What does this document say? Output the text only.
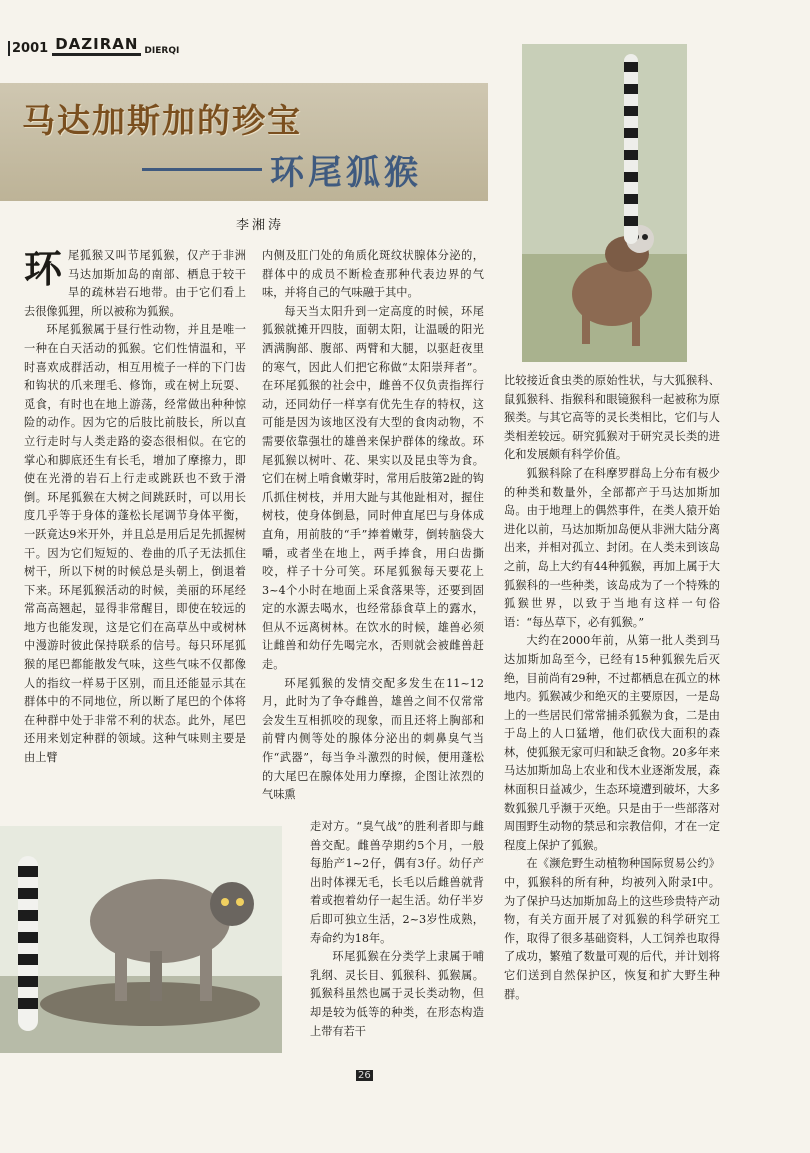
2001 DAZIRAN DIERQI
马达加斯加的珍宝
环尾狐猴
李湘涛

环尾狐猴又叫节尾狐猴，仅产于非洲马达加斯加岛的南部、栖息于较干旱的疏林岩石地带。由于它们看上去很像狐狸，所以被称为狐猴。

环尾狐猴属于昼行性动物，并且是唯一一种在白天活动的狐猴。它们性情温和，平时喜欢成群活动，相互用梳子一样的下门齿和钩状的爪来理毛、修饰，或在树上玩耍、觅食，有时也在地上游荡，经常做出种种惊险的动作。因为它的后肢比前肢长，所以直立行走时与人类走路的姿态很相似。在它的掌心和脚底还生有长毛，增加了摩擦力，即使在光滑的岩石上行走或跳跃也不致于滑倒。环尾狐猴在大树之间跳跃时，可以用长度几乎等于身体的蓬松长尾调节身体平衡，一跃竟达9米开外，并且总是用后足先抓握树干。因为它们短短的、卷曲的爪子无法抓住树干，所以下树的时候总是头朝上，倒退着下来。环尾狐猴活动的时候，美丽的环尾经常高高翘起，显得非常醒目，即使在较远的地方也能发现，这是它们在高草丛中或树林中漫游时彼此保持联系的信号。每只环尾狐猴的尾巴都能散发气味，这些气味不仅都像人的指纹一样易于区别，而且还能显示其在群体中的不同地位，所以断了尾巴的个体将在种群中处于非常不利的状态。此外，尾巴还用来划定种群的领域。这种气味则主要是由上臂

内侧及肛门处的角质化斑纹状腺体分泌的，群体中的成员不断检查那种代表边界的气味，并将自己的气味融于其中。

每天当太阳升到一定高度的时候，环尾狐猴就摊开四肢，面朝太阳，让温暖的阳光洒满胸部、腹部、两臂和大腿，以驱赶夜里的寒气，因此人们把它称做“太阳崇拜者”。在环尾狐猴的社会中，雌兽不仅负责指挥行动，还同幼仔一样享有优先生存的特权，这可能是因为该地区没有大型的食肉动物，不需要依靠强壮的雄兽来保护群体的缘故。环尾狐猴以树叶、花、果实以及昆虫等为食。它们在树上啃食嫩芽时，常用后肢第2趾的钩爪抓住树枝，并用大趾与其他趾相对，握住树枝，使身体倒悬，同时伸直尾巴与身体成直角，用前肢的“手”捧着嫩芽，倒转脑袋大嚼，或者坐在地上，两手捧食，用臼齿撕咬，样子十分可笑。环尾狐猴每天要花上3~4个小时在地面上采食落果等，还要到固定的水源去喝水，也经常舔食草上的露水，但从不远离树林。在饮水的时候，雄兽必须让雌兽和幼仔先喝完水，否则就会被雌兽赶走。

环尾狐猴的发情交配多发生在11~12月，此时为了争夺雌兽，雄兽之间不仅常常会发生互相抓咬的现象，而且还将上胸部和前臂内侧等处的腺体分泌出的刺鼻臭气当作“武器”，每当争斗激烈的时候，便用蓬松的大尾巴在腺体处用力摩擦，企图让浓烈的气味熏

走对方。“臭气战”的胜利者即与雌兽交配。雌兽孕期约5个月，一般每胎产1~2仔，偶有3仔。幼仔产出时体裸无毛，长毛以后雌兽就背着或抱着幼仔一起生活。幼仔半岁后即可独立生活，2~3岁性成熟，寿命约为18年。

环尾狐猴在分类学上隶属于哺乳纲、灵长目、狐猴科、狐猴属。狐猴科虽然也属于灵长类动物，但却是较为低等的种类，在形态构造上带有若干

比较接近食虫类的原始性状，与大狐猴科、鼠狐猴科、指猴科和眼镜猴科一起被称为原猴类。与其它高等的灵长类相比，它们与人类相差较远。研究狐猴对于研究灵长类的进化和发展颇有科学价值。

狐猴科除了在科摩罗群岛上分布有极少的种类和数量外，全部都产于马达加斯加岛。由于地理上的偶然事件，在类人猿开始进化以前，马达加斯加岛便从非洲大陆分离出来，并相对孤立、封闭。在人类未到该岛之前，岛上大约有44种狐猴，再加上属于大狐猴科的一些种类，该岛成为了一个特殊的狐猴世界，以致于当地有这样一句俗语：“每丛草下，必有狐猴。”

大约在2000年前，从第一批人类到马达加斯加岛至今，已经有15种狐猴先后灭绝，目前尚有29种，不过都栖息在孤立的林地内。狐猴减少和绝灭的主要原因，一是岛上的一些居民们常常捕杀狐猴为食，二是由于岛上的人口猛增，他们砍伐大面积的森林，使狐猴无家可归和缺乏食物。20多年来马达加斯加岛上农业和伐木业逐渐发展，森林面积日益减少，生态环境遭到破坏，大多数狐猴几乎濒于灭绝。只是由于一些部落对周围野生动物的禁忌和宗教信仰，才在一定程度上保护了狐猴。

在《濒危野生动植物种国际贸易公约》中，狐猴科的所有种，均被列入附录Ⅰ中。为了保护马达加斯加岛上的这些珍贵特产动物，有关方面开展了对狐猴的科学研究工作，取得了很多基础资料，人工饲养也取得了成功，繁殖了数量可观的后代，并计划将它们送到自然保护区，恢复和扩大野生种群。

26
